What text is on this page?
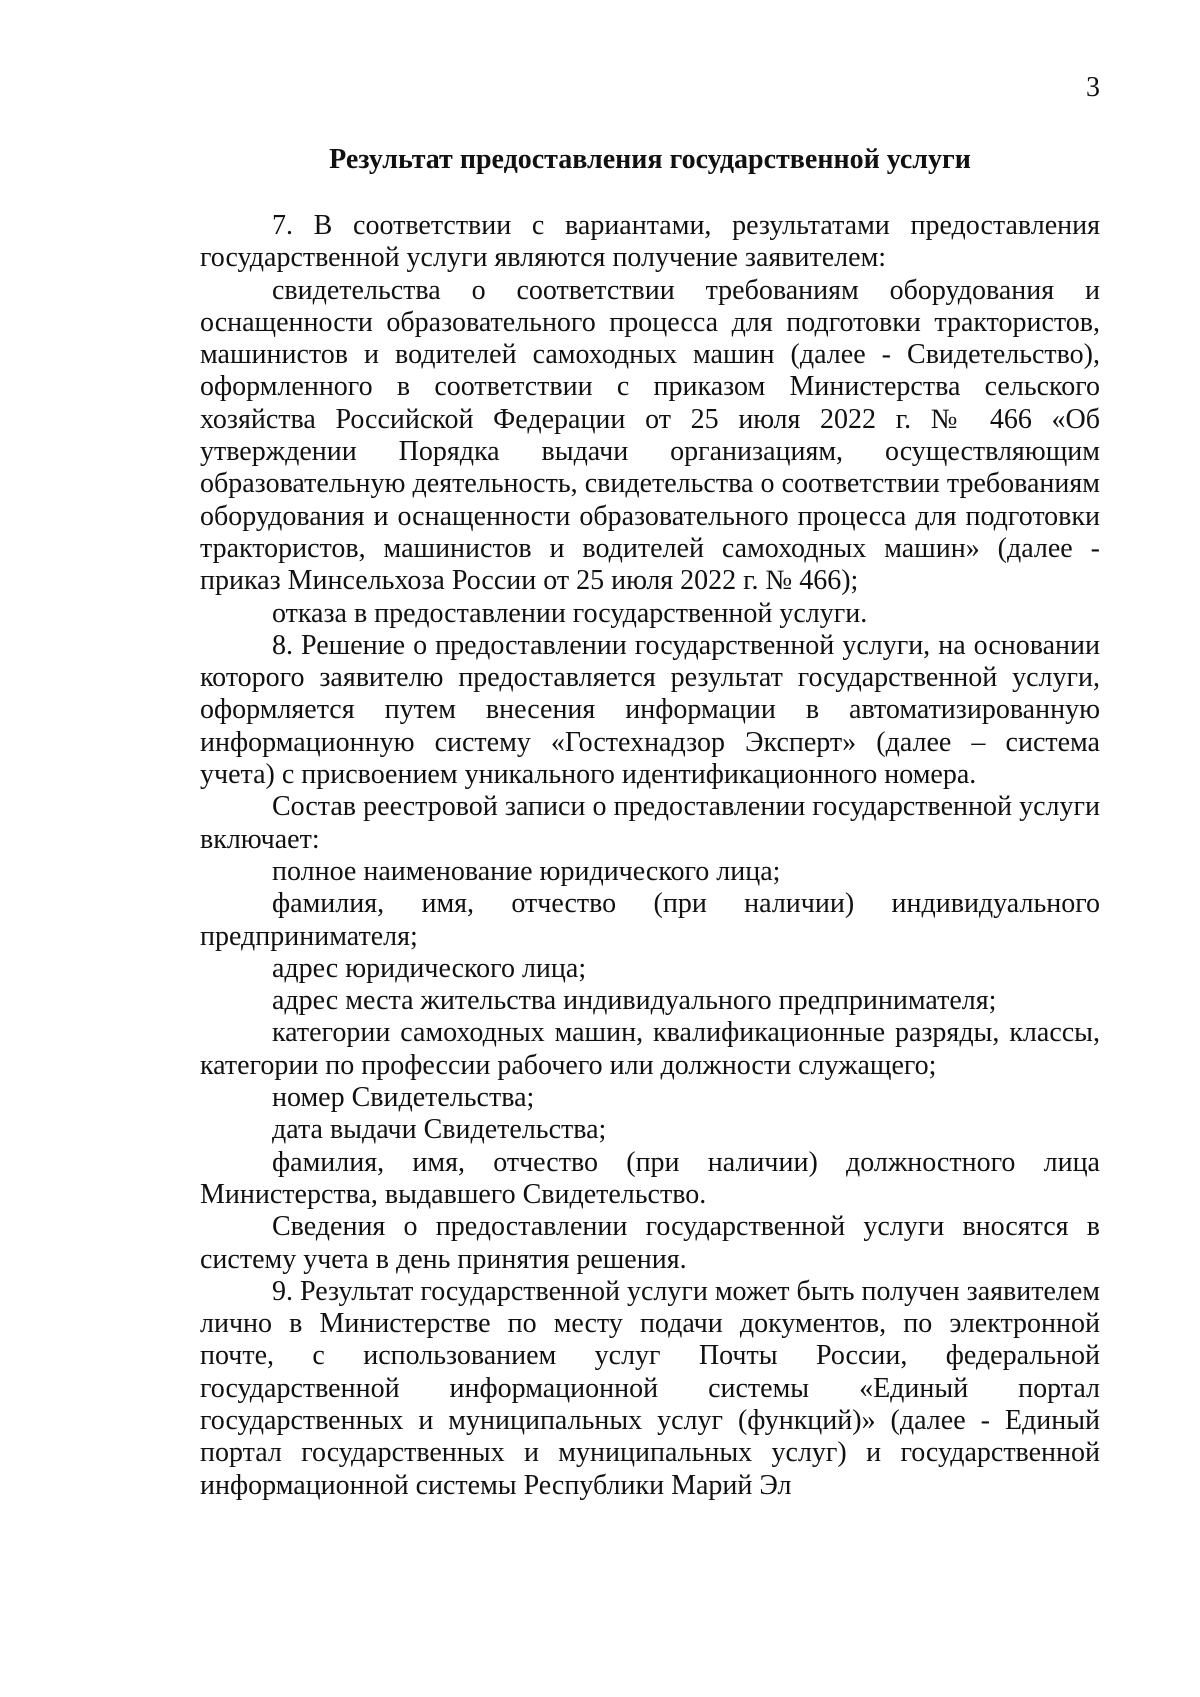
3
Результат предоставления государственной услуги

7. В соответствии с вариантами, результатами предоставления государственной услуги являются получение заявителем:

свидетельства о соответствии требованиям оборудования и оснащенности образовательного процесса для подготовки трактористов, машинистов и водителей самоходных машин (далее - Свидетельство), оформленного в соответствии с приказом Министерства сельского хозяйства Российской Федерации от 25 июля 2022 г. № 466 «Об утверждении Порядка выдачи организациям, осуществляющим образовательную деятельность, свидетельства о соответствии требованиям оборудования и оснащенности образовательного процесса для подготовки трактористов, машинистов и водителей самоходных машин» (далее - приказ Минсельхоза России от 25 июля 2022 г. № 466);

отказа в предоставлении государственной услуги.

8. Решение о предоставлении государственной услуги, на основании которого заявителю предоставляется результат государственной услуги, оформляется путем внесения информации в автоматизированную информационную систему «Гостехнадзор Эксперт» (далее – система учета) с присвоением уникального идентификационного номера.

Состав реестровой записи о предоставлении государственной услуги включает:

полное наименование юридического лица;

фамилия, имя, отчество (при наличии) индивидуального предпринимателя;

адрес юридического лица;

адрес места жительства индивидуального предпринимателя;

категории самоходных машин, квалификационные разряды, классы, категории по профессии рабочего или должности служащего;

номер Свидетельства;

дата выдачи Свидетельства;

фамилия, имя, отчество (при наличии) должностного лица Министерства, выдавшего Свидетельство.

Сведения о предоставлении государственной услуги вносятся в систему учета в день принятия решения.

9. Результат государственной услуги может быть получен заявителем лично в Министерстве по месту подачи документов, по электронной почте, с использованием услуг Почты России, федеральной государственной информационной системы «Единый портал государственных и муниципальных услуг (функций)» (далее - Единый портал государственных и муниципальных услуг) и государственной информационной системы Республики Марий Эл
